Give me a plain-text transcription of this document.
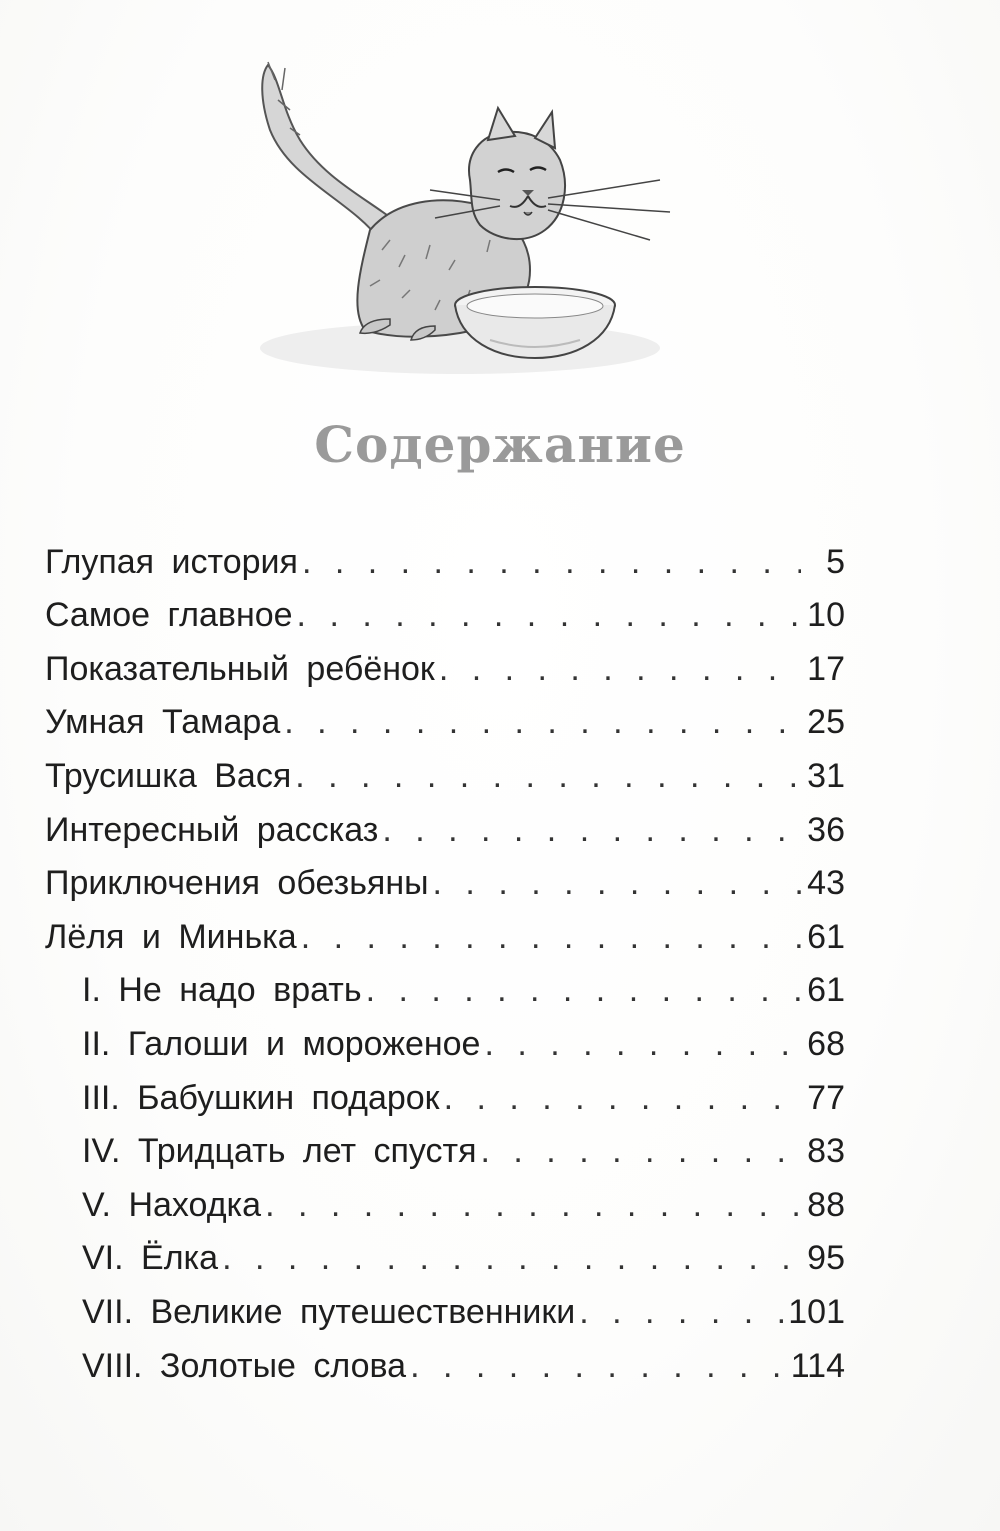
Содержание
Глупая история . . .	5
Самое главное . . .	10
Показательный ребёнок . . .	17
Умная Тамара . . .	25
Трусишка Вася . . .	31
Интересный рассказ . . .	36
Приключения обезьяны . . .	43
Лёля и Минька . . .	61
I. Не надо врать . . .	61
II. Галоши и мороженое . . .	68
III. Бабушкин подарок . . .	77
IV. Тридцать лет спустя . . .	83
V. Находка . . .	88
VI. Ёлка . . .	95
VII. Великие путешественники . . .	101
VIII. Золотые слова . . .	114
